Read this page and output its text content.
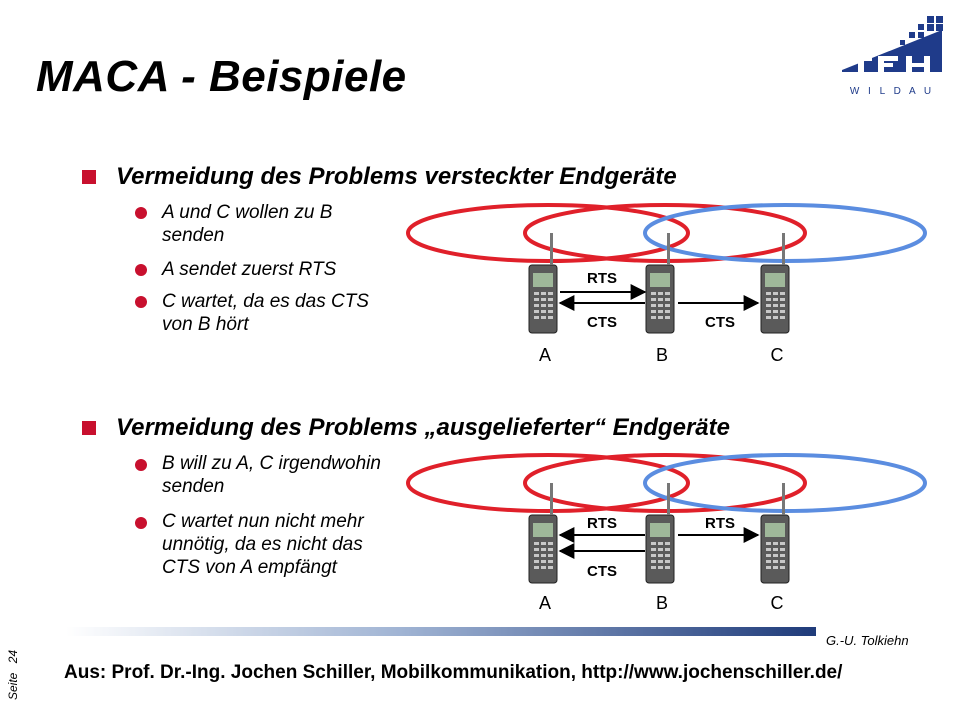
W I L D A U
MACA - Beispiele
Vermeidung des Problems versteckter Endgeräte
A und C wollen zu B senden
A sendet zuerst RTS
C wartet, da es das CTS von B hört
RTS
CTS	CTS
A	B	C
Vermeidung des Problems „ausgelieferter“ Endgeräte
B will zu A, C irgendwohin senden
C wartet nun nicht mehr unnötig, da es nicht das CTS von A empfängt
RTS	RTS
CTS
A	B	C
G.-U. Tolkiehn
Seite 24
Aus: Prof. Dr.-Ing. Jochen Schiller, Mobilkommunikation, http://www.jochenschiller.de/
